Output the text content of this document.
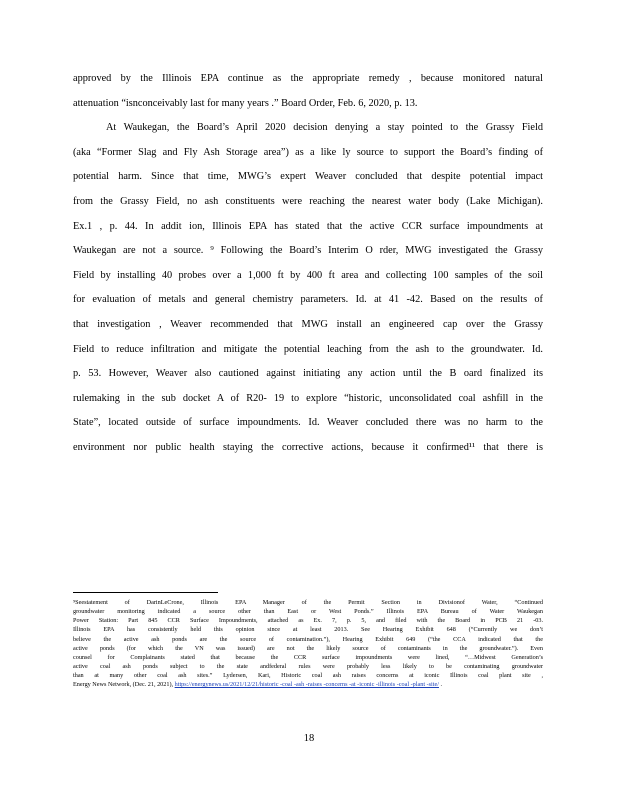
approved by the Illinois EPA continue as the appropriate remedy , because monitored natural
attenuation “isnconceivably last for many years .” Board Order, Feb. 6, 2020, p. 13.
At Waukegan, the Board’s April 2020 decision denying a stay pointed to the Grassy Field
(aka “Former Slag and Fly Ash Storage area”) as a like ly source to support the Board’s finding of
potential harm. Since that time, MWG’s expert Weaver concluded that despite potential impact
from the Grassy Field, no ash constituents were reaching the nearest water body (Lake Michigan).
Ex.1 , p. 44. In addit ion, Illinois EPA has stated that the active CCR surface impoundments at
Waukegan are not a source. ⁹ Following the Board’s Interim O rder, MWG investigated the Grassy
Field by installing 40 probes over a 1,000 ft by 400 ft area and collecting 100 samples of the soil
for evaluation of metals and general chemistry parameters. Id. at 41 -42. Based on the results of
that investigation , Weaver recommended that MWG install an engineered cap over the Grassy
Field to reduce infiltration and mitigate the potential leaching from the ash to the groundwater. Id.
p. 53. However, Weaver also cautioned against initiating any action until the B oard finalized its
rulemaking in the sub docket A of R20- 19 to explore “historic, unconsolidated coal ashfill in the
State”, located outside of surface impoundments. Id. Weaver concluded there was no harm to the
environment nor public health staying the corrective actions, because it confirmed¹¹ that there is
⁹Seestatement of DarinLeCrone, Illinois EPA Manager of the Permit Section in Divisionof Water, “Continued
groundwater monitoring indicated a source other than East or West Ponds.” Illinois EPA Bureau of Water Waukegan
Power Station: Part 845 CCR Surface Impoundments, attached as Ex. 7, p. 5, and filed with the Board in PCB 21 -03.
Illinois EPA has consistently held this opinion since at least 2013. See Hearing Exhibit 648 (“Currently we don’t
believe the active ash ponds are the source of contamination.”), Hearing Exhibit 649 (“the CCA indicated that the
active ponds (for which the VN was issued) are not the likely source of contaminants in the groundwater.”). Even
counsel for Complainants stated that because the CCR surface impoundments were lined, “…Midwest Generation’s
active coal ash ponds subject to the state andfederal rules were probably less likely to be contaminating groundwater
than at many other coal ash sites.” Lydersen, Kari, Historic coal ash raises concerns at iconic Illinois coal plant site ,
Energy News Network, (Dec. 21, 2021), https://energynews.us/2021/12/21/historic -coal -ash -raises -concerns -at -iconic -illinois -coal -plant -site/ .
18
